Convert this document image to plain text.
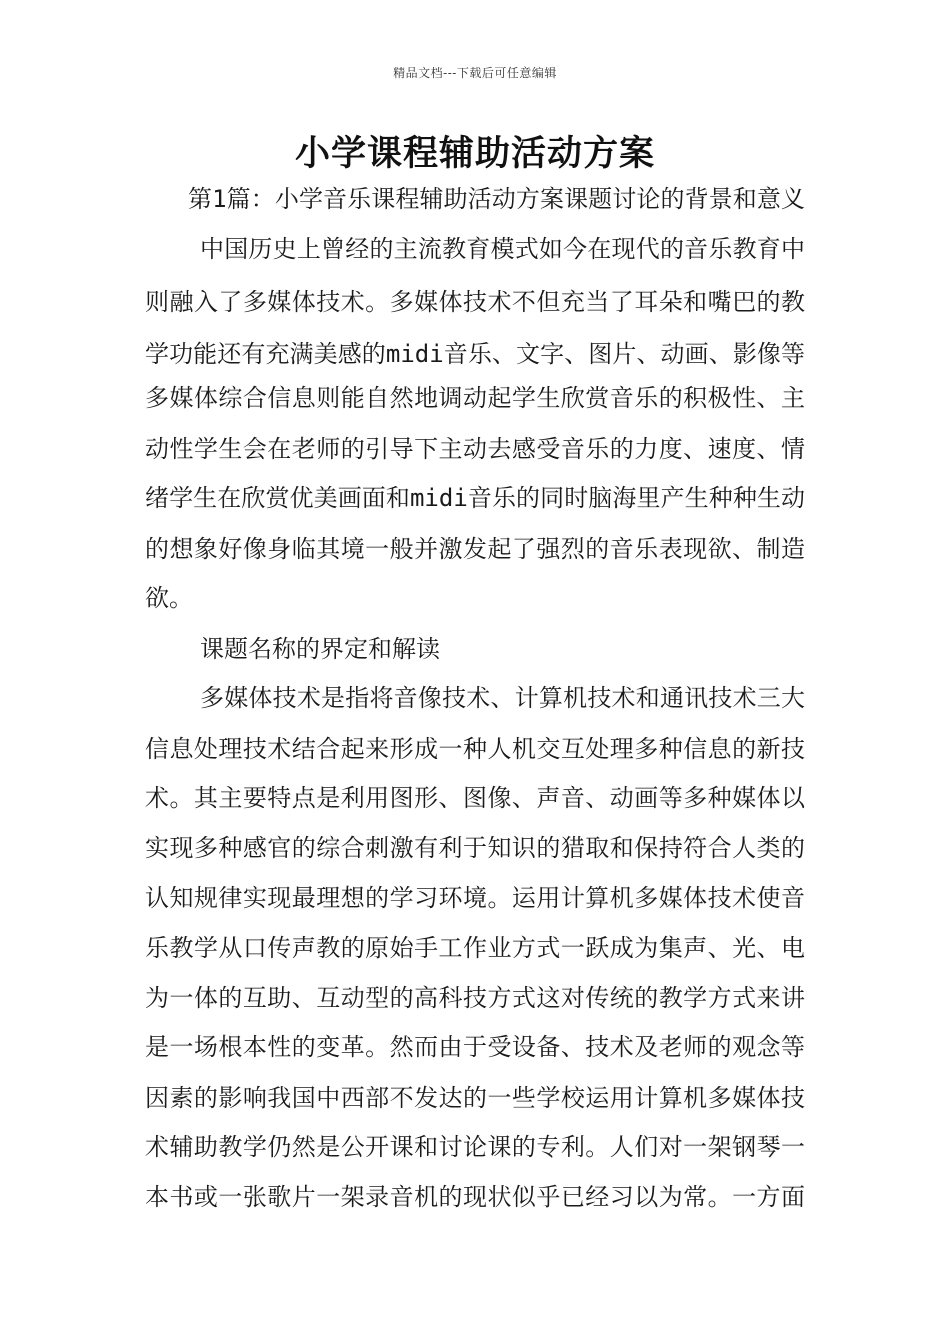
精品文档---下载后可任意编辑
小学课程辅助活动方案
第1篇：小学音乐课程辅助活动方案课题讨论的背景和意义
中国历史上曾经的主流教育模式如今在现代的音乐教育中
则融入了多媒体技术。多媒体技术不但充当了耳朵和嘴巴的教
学功能还有充满美感的midi音乐、文字、图片、动画、影像等
多媒体综合信息则能自然地调动起学生欣赏音乐的积极性、主
动性学生会在老师的引导下主动去感受音乐的力度、速度、情
绪学生在欣赏优美画面和midi音乐的同时脑海里产生种种生动
的想象好像身临其境一般并激发起了强烈的音乐表现欲、制造
欲。
课题名称的界定和解读
多媒体技术是指将音像技术、计算机技术和通讯技术三大
信息处理技术结合起来形成一种人机交互处理多种信息的新技
术。其主要特点是利用图形、图像、声音、动画等多种媒体以
实现多种感官的综合刺激有利于知识的猎取和保持符合人类的
认知规律实现最理想的学习环境。运用计算机多媒体技术使音
乐教学从口传声教的原始手工作业方式一跃成为集声、光、电
为一体的互助、互动型的高科技方式这对传统的教学方式来讲
是一场根本性的变革。然而由于受设备、技术及老师的观念等
因素的影响我国中西部不发达的一些学校运用计算机多媒体技
术辅助教学仍然是公开课和讨论课的专利。人们对一架钢琴一
本书或一张歌片一架录音机的现状似乎已经习以为常。一方面
